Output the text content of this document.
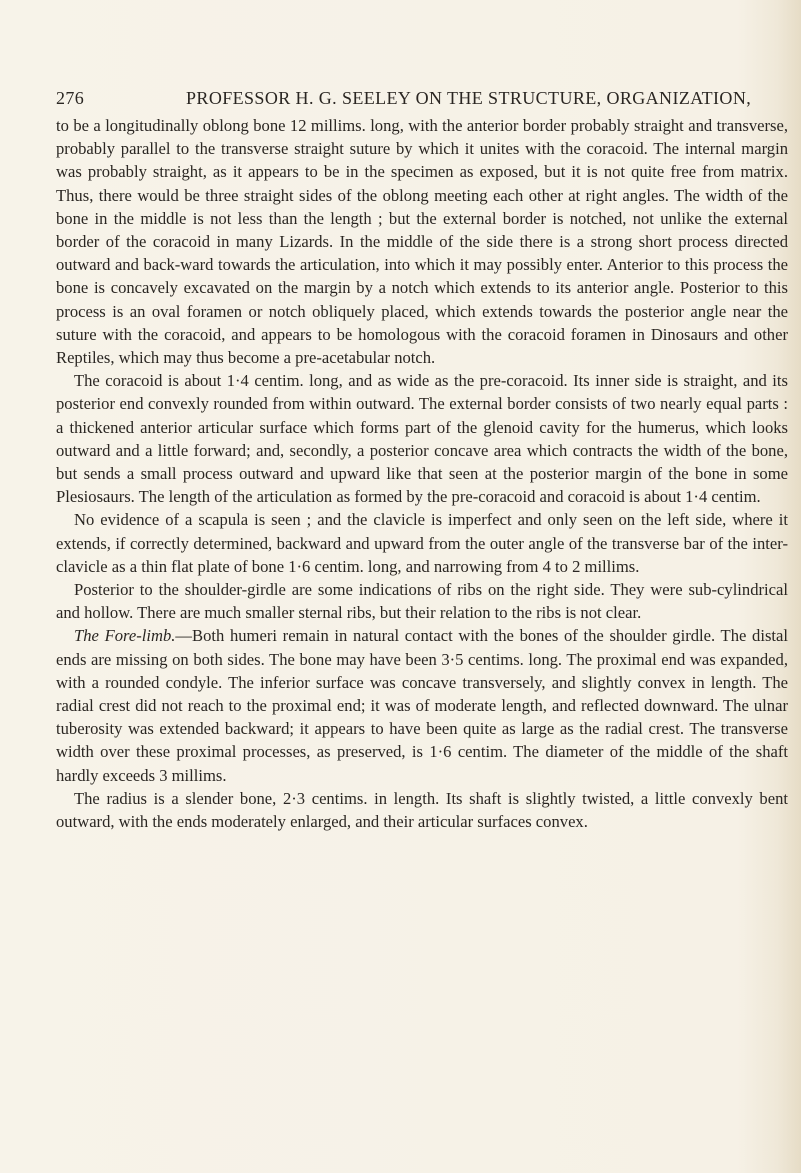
276	PROFESSOR H. G. SEELEY ON THE STRUCTURE, ORGANIZATION,

to be a longitudinally oblong bone 12 millims. long, with the anterior border probably straight and transverse, probably parallel to the transverse straight suture by which it unites with the coracoid. The internal margin was probably straight, as it appears to be in the specimen as exposed, but it is not quite free from matrix. Thus, there would be three straight sides of the oblong meeting each other at right angles. The width of the bone in the middle is not less than the length ; but the external border is notched, not unlike the external border of the coracoid in many Lizards. In the middle of the side there is a strong short process directed outward and back-ward towards the articulation, into which it may possibly enter. Anterior to this process the bone is concavely excavated on the margin by a notch which extends to its anterior angle. Posterior to this process is an oval foramen or notch obliquely placed, which extends towards the posterior angle near the suture with the coracoid, and appears to be homologous with the coracoid foramen in Dinosaurs and other Reptiles, which may thus become a pre-acetabular notch.

The coracoid is about 1·4 centim. long, and as wide as the pre-coracoid. Its inner side is straight, and its posterior end convexly rounded from within outward. The external border consists of two nearly equal parts : a thickened anterior articular surface which forms part of the glenoid cavity for the humerus, which looks outward and a little forward; and, secondly, a posterior concave area which contracts the width of the bone, but sends a small process outward and upward like that seen at the posterior margin of the bone in some Plesiosaurs. The length of the articulation as formed by the pre-coracoid and coracoid is about 1·4 centim.

No evidence of a scapula is seen ; and the clavicle is imperfect and only seen on the left side, where it extends, if correctly determined, backward and upward from the outer angle of the transverse bar of the inter-clavicle as a thin flat plate of bone 1·6 centim. long, and narrowing from 4 to 2 millims.

Posterior to the shoulder-girdle are some indications of ribs on the right side. They were sub-cylindrical and hollow. There are much smaller sternal ribs, but their relation to the ribs is not clear.

The Fore-limb.—Both humeri remain in natural contact with the bones of the shoulder girdle. The distal ends are missing on both sides. The bone may have been 3·5 centims. long. The proximal end was expanded, with a rounded condyle. The inferior surface was concave transversely, and slightly convex in length. The radial crest did not reach to the proximal end; it was of moderate length, and reflected downward. The ulnar tuberosity was extended backward; it appears to have been quite as large as the radial crest. The transverse width over these proximal processes, as preserved, is 1·6 centim. The diameter of the middle of the shaft hardly exceeds 3 millims.

The radius is a slender bone, 2·3 centims. in length. Its shaft is slightly twisted, a little convexly bent outward, with the ends moderately enlarged, and their articular surfaces convex.
